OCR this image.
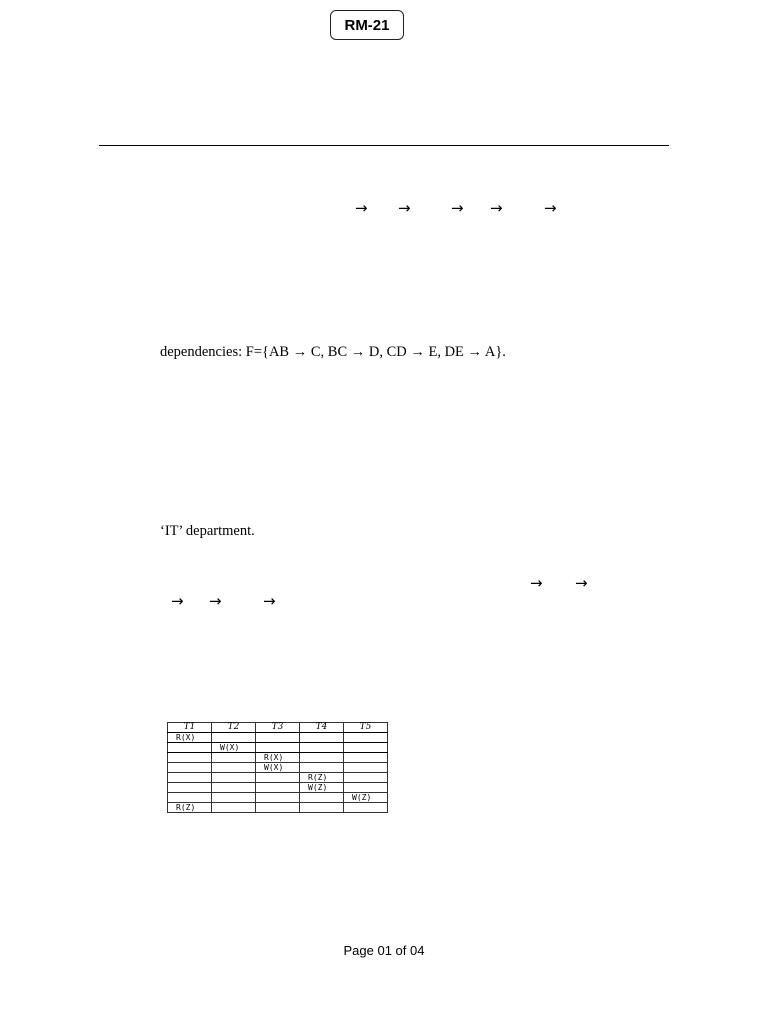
RM-21
→ →	→ →	→
dependencies: F={AB → C, BC → D, CD → E, DE → A}.
‘IT’ department.
→ →
→ →	→
T1	T2	T3	T4	T5
R(X)				
	W(X)			
		R(X)		
		W(X)		
			R(Z)	
			W(Z)	
				W(Z)
R(Z)				
Page 01 of 04
